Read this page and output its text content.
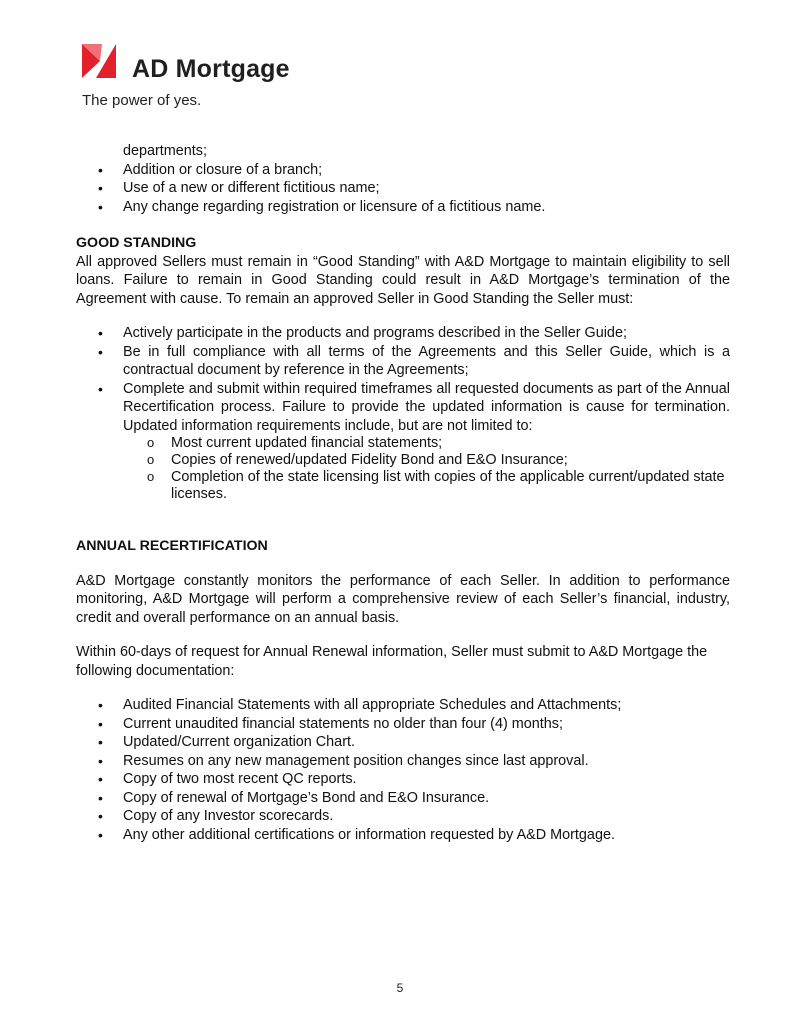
AD Mortgage
The power of yes.
departments;
• Addition or closure of a branch;
• Use of a new or different fictitious name;
• Any change regarding registration or licensure of a fictitious name.
GOOD STANDING
All approved Sellers must remain in “Good Standing” with A&D Mortgage to maintain eligibility to sell loans. Failure to remain in Good Standing could result in A&D Mortgage’s termination of the Agreement with cause. To remain an approved Seller in Good Standing the Seller must:
• Actively participate in the products and programs described in the Seller Guide;
• Be in full compliance with all terms of the Agreements and this Seller Guide, which is a contractual document by reference in the Agreements;
• Complete and submit within required timeframes all requested documents as part of the Annual Recertification process. Failure to provide the updated information is cause for termination. Updated information requirements include, but are not limited to:
o Most current updated financial statements;
o Copies of renewed/updated Fidelity Bond and E&O Insurance;
o Completion of the state licensing list with copies of the applicable current/updated state licenses.
ANNUAL RECERTIFICATION
A&D Mortgage constantly monitors the performance of each Seller. In addition to performance monitoring, A&D Mortgage will perform a comprehensive review of each Seller’s financial, industry, credit and overall performance on an annual basis.
Within 60-days of request for Annual Renewal information, Seller must submit to A&D Mortgage the following documentation:
• Audited Financial Statements with all appropriate Schedules and Attachments;
• Current unaudited financial statements no older than four (4) months;
• Updated/Current organization Chart.
• Resumes on any new management position changes since last approval.
• Copy of two most recent QC reports.
• Copy of renewal of Mortgage’s Bond and E&O Insurance.
• Copy of any Investor scorecards.
• Any other additional certifications or information requested by A&D Mortgage.
5
